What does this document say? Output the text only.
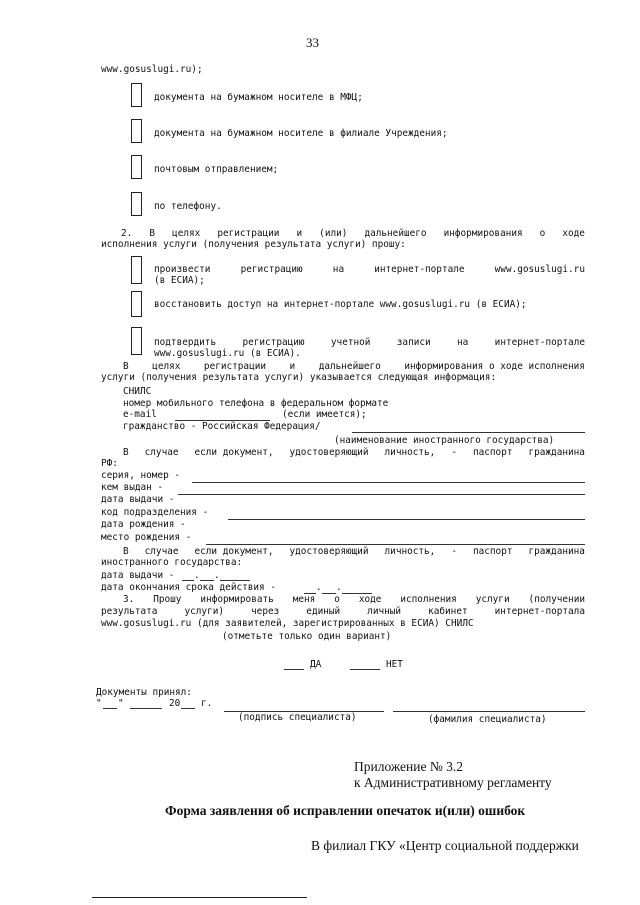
33
www.gosuslugi.ru);
документа на бумажном носителе в МФЦ;
документа на бумажном носителе в филиале Учреждения;
почтовым отправлением;
по телефону.
2. В целях регистрации и (или) дальнейшего информирования о ходе
исполнения услуги (получения результата услуги) прошу:
произвести	регистрацию	на	интернет-портале	www.gosuslugi.ru
(в ЕСИА);
восстановить доступ на интернет-портале www.gosuslugi.ru (в ЕСИА);
подтвердить	регистрацию	учетной	записи	на	интернет-портале
www.gosuslugi.ru (в ЕСИА).
В	целях	регистрации	и	дальнейшего	информирования о ходе исполнения
услуги (получения результата услуги) указывается следующая информация:
СНИЛС
номер мобильного телефона в федеральном формате
e-mail	(если имеется);
гражданство - Российская Федерация/
(наименование иностранного государства)
В случае если документ, удостоверяющий личность, - паспорт гражданина
РФ:
серия, номер -
кем выдан -
дата выдачи -
код подразделения -
дата рождения -
место рождения -
В случае если документ, удостоверяющий личность, - паспорт гражданина
иностранного государства:
дата выдачи - . .
дата окончания срока действия -	. .
3. Прошу информировать меня о ходе исполнения услуги (получении
результата	услуги)	через	единый	личный	кабинет	интернет-портала
www.gosuslugi.ru (для заявителей, зарегистрированных в ЕСИА) СНИЛС
(отметьте только один вариант)
ДА	НЕТ
Документы принял:
" "	20 г.
(подпись специалиста)	(фамилия специалиста)
Приложение № 3.2
к Административному регламенту
Форма заявления об исправлении опечаток и(или) ошибок
В филиал ГКУ «Центр социальной поддержки
